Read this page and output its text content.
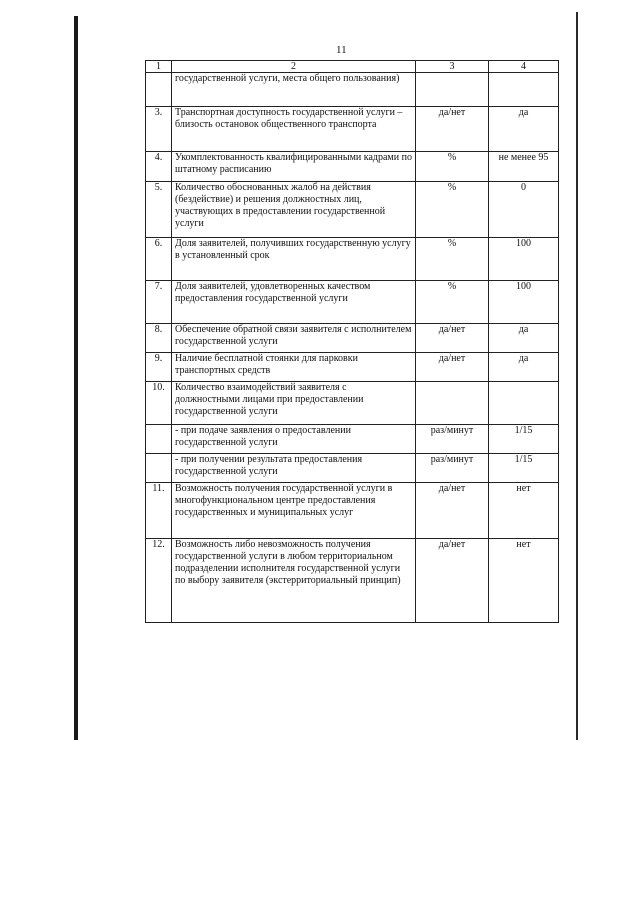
11
1	2	3	4
	государственной услуги, места общего пользования)		
3.	Транспортная доступность государственной услуги – близость остановок общественного транспорта	да/нет	да
4.	Укомплектованность квалифицированными кадрами по штатному расписанию	%	не менее 95
5.	Количество обоснованных жалоб на действия (бездействие) и решения должностных лиц, участвующих в предоставлении государственной услуги	%	0
6.	Доля заявителей, получивших государственную услугу в установленный срок	%	100
7.	Доля заявителей, удовлетворенных качеством предоставления государственной услуги	%	100
8.	Обеспечение обратной связи заявителя с исполнителем государственной услуги	да/нет	да
9.	Наличие бесплатной стоянки для парковки транспортных средств	да/нет	да
10.	Количество взаимодействий заявителя с должностными лицами при предоставлении государственной услуги		
	- при подаче заявления о предоставлении государственной услуги	раз/минут	1/15
	- при получении результата предоставления государственной услуги	раз/минут	1/15
11.	Возможность получения государственной услуги в многофункциональном центре предоставления государственных и муниципальных услуг	да/нет	нет
12.	Возможность либо невозможность получения государственной услуги в любом территориальном подразделении исполнителя государственной услуги по выбору заявителя (экстерриториальный принцип)	да/нет	нет
